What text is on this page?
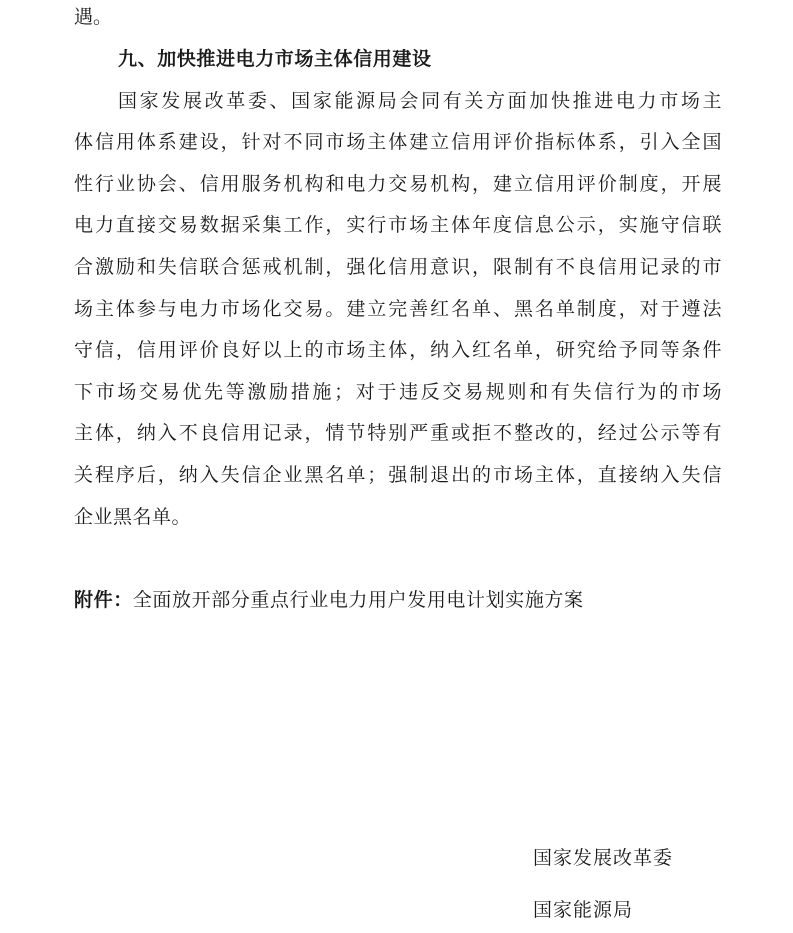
遇。
九、加快推进电力市场主体信用建设
国家发展改革委、国家能源局会同有关方面加快推进电力市场主
体信用体系建设，针对不同市场主体建立信用评价指标体系，引入全国
性行业协会、信用服务机构和电力交易机构，建立信用评价制度，开展
电力直接交易数据采集工作，实行市场主体年度信息公示，实施守信联
合激励和失信联合惩戒机制，强化信用意识，限制有不良信用记录的市
场主体参与电力市场化交易。建立完善红名单、黑名单制度，对于遵法
守信，信用评价良好以上的市场主体，纳入红名单，研究给予同等条件
下市场交易优先等激励措施；对于违反交易规则和有失信行为的市场
主体，纳入不良信用记录，情节特别严重或拒不整改的，经过公示等有
关程序后，纳入失信企业黑名单；强制退出的市场主体，直接纳入失信
企业黑名单。
附件：全面放开部分重点行业电力用户发用电计划实施方案
国家发展改革委
国家能源局
